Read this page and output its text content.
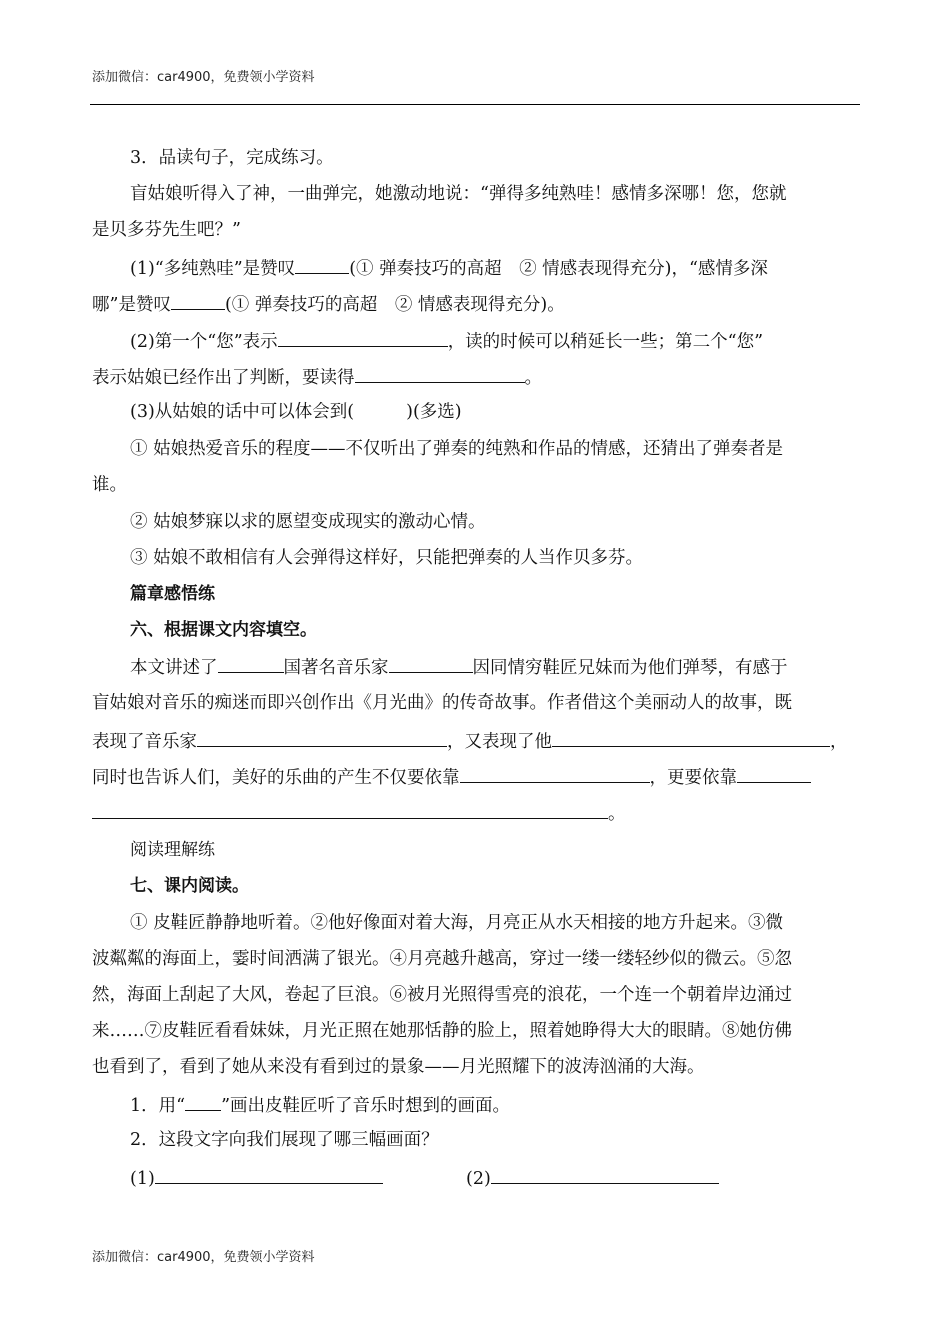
添加微信：car4900，免费领小学资料
3．品读句子，完成练习。
盲姑娘听得入了神，一曲弹完，她激动地说：“弹得多纯熟哇！感情多深哪！您，您就
是贝多芬先生吧？”
(1)“多纯熟哇”是赞叹	(① 弹奏技巧的高超　② 情感表现得充分)，“感情多深
哪”是赞叹	(① 弹奏技巧的高超　② 情感表现得充分)。
(2)第一个“您”表示	，读的时候可以稍延长一些；第二个“您”
表示姑娘已经作出了判断，要读得	。
(3)从姑娘的话中可以体会到(	)(多选)
① 姑娘热爱音乐的程度——不仅听出了弹奏的纯熟和作品的情感，还猜出了弹奏者是
谁。
② 姑娘梦寐以求的愿望变成现实的激动心情。
③ 姑娘不敢相信有人会弹得这样好，只能把弹奏的人当作贝多芬。
篇章感悟练
六、根据课文内容填空。
本文讲述了	国著名音乐家	因同情穷鞋匠兄妹而为他们弹琴，有感于
盲姑娘对音乐的痴迷而即兴创作出《月光曲》的传奇故事。作者借这个美丽动人的故事，既
表现了音乐家	，又表现了他	，
同时也告诉人们，美好的乐曲的产生不仅要依靠	，更要依靠
。
阅读理解练
七、课内阅读。
① 皮鞋匠静静地听着。②他好像面对着大海，月亮正从水天相接的地方升起来。③微
波粼粼的海面上，霎时间洒满了银光。④月亮越升越高，穿过一缕一缕轻纱似的微云。⑤忽
然，海面上刮起了大风，卷起了巨浪。⑥被月光照得雪亮的浪花，一个连一个朝着岸边涌过
来……⑦皮鞋匠看看妹妹，月光正照在她那恬静的脸上，照着她睁得大大的眼睛。⑧她仿佛
也看到了，看到了她从来没有看到过的景象——月光照耀下的波涛汹涌的大海。
1．用“ ”画出皮鞋匠听了音乐时想到的画面。
2．这段文字向我们展现了哪三幅画面？
(1)	(2)
添加微信：car4900，免费领小学资料
